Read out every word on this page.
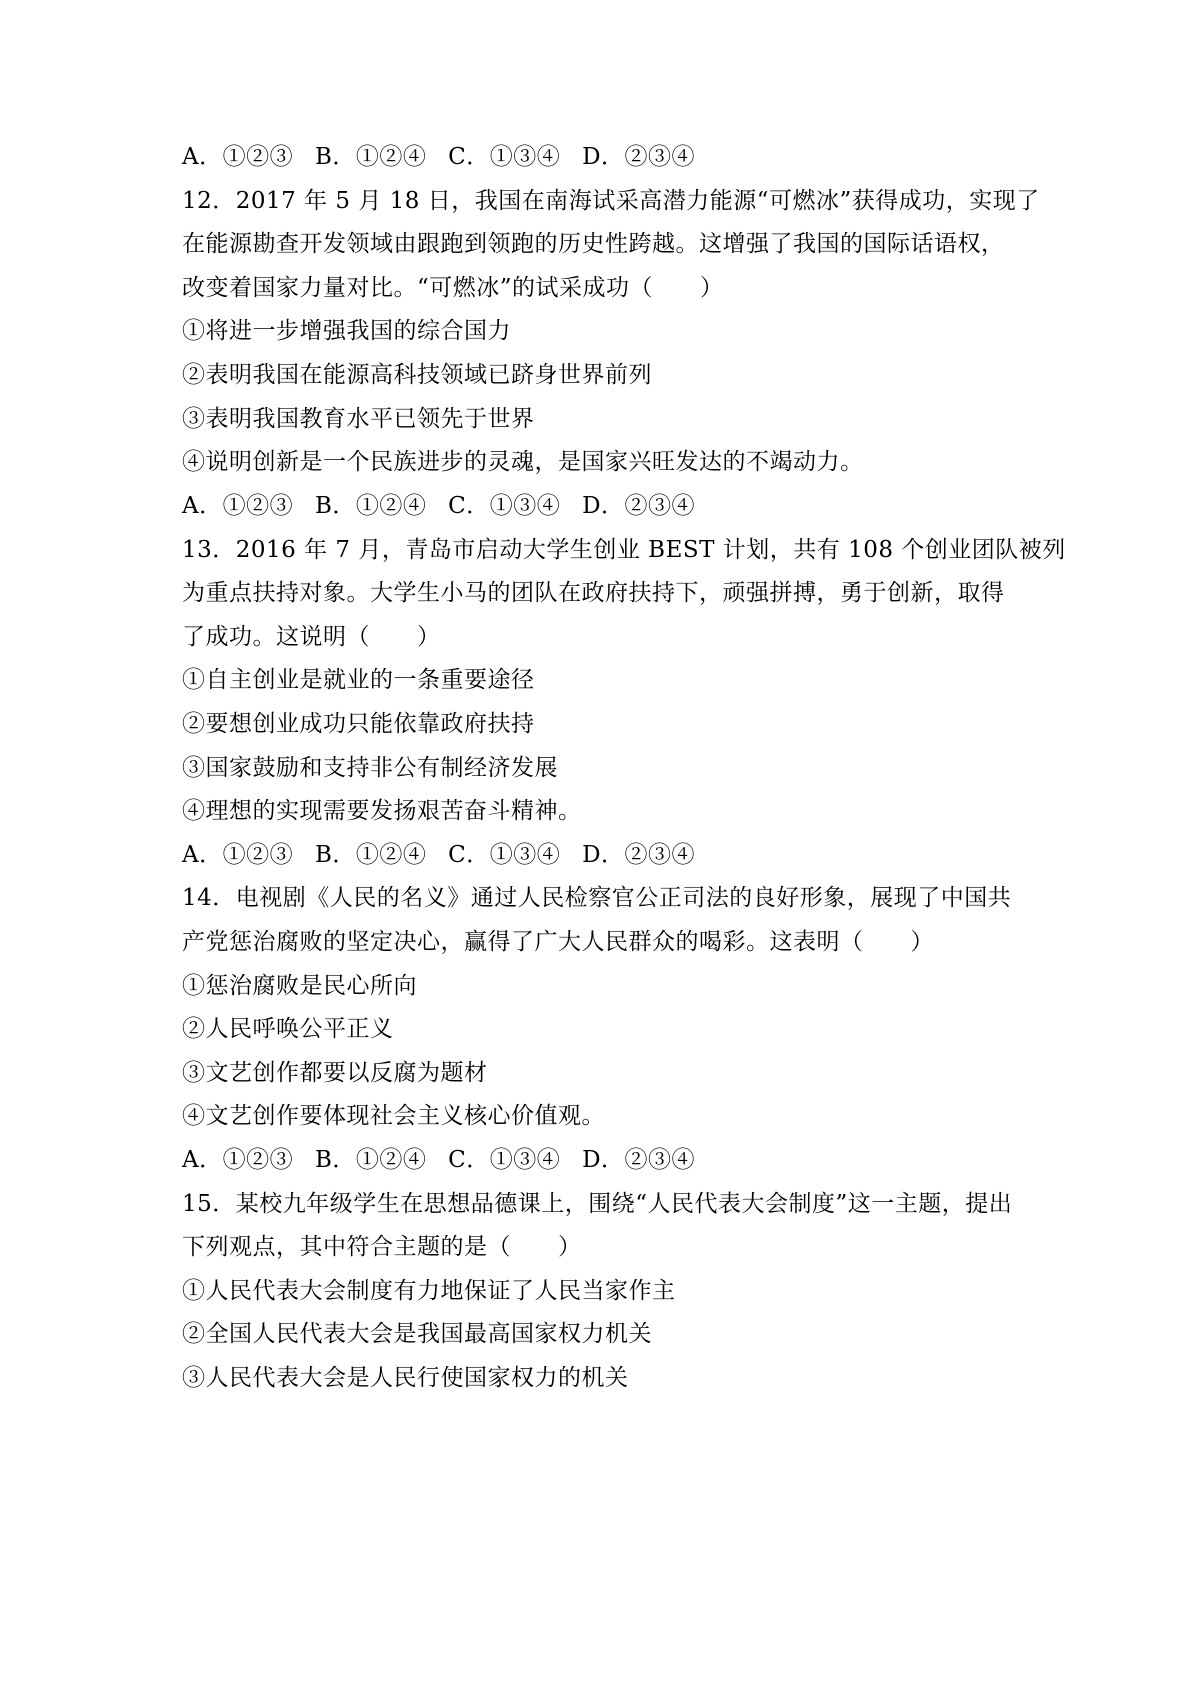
A．①②③ B．①②④ C．①③④ D．②③④
12．2017 年 5 月 18 日，我国在南海试采高潜力能源“可燃冰”获得成功，实现了
在能源勘查开发领域由跟跑到领跑的历史性跨越。这增强了我国的国际话语权，
改变着国家力量对比。“可燃冰”的试采成功（　　）
①将进一步增强我国的综合国力
②表明我国在能源高科技领域已跻身世界前列
③表明我国教育水平已领先于世界
④说明创新是一个民族进步的灵魂，是国家兴旺发达的不竭动力。
A．①②③ B．①②④ C．①③④ D．②③④
13．2016 年 7 月，青岛市启动大学生创业 BEST 计划，共有 108 个创业团队被列
为重点扶持对象。大学生小马的团队在政府扶持下，顽强拼搏，勇于创新，取得
了成功。这说明（　　）
①自主创业是就业的一条重要途径
②要想创业成功只能依靠政府扶持
③国家鼓励和支持非公有制经济发展
④理想的实现需要发扬艰苦奋斗精神。
A．①②③ B．①②④ C．①③④ D．②③④
14．电视剧《人民的名义》通过人民检察官公正司法的良好形象，展现了中国共
产党惩治腐败的坚定决心，赢得了广大人民群众的喝彩。这表明（　　）
①惩治腐败是民心所向
②人民呼唤公平正义
③文艺创作都要以反腐为题材
④文艺创作要体现社会主义核心价值观。
A．①②③ B．①②④ C．①③④ D．②③④
15．某校九年级学生在思想品德课上，围绕“人民代表大会制度”这一主题，提出
下列观点，其中符合主题的是（　　）
①人民代表大会制度有力地保证了人民当家作主
②全国人民代表大会是我国最高国家权力机关
③人民代表大会是人民行使国家权力的机关
